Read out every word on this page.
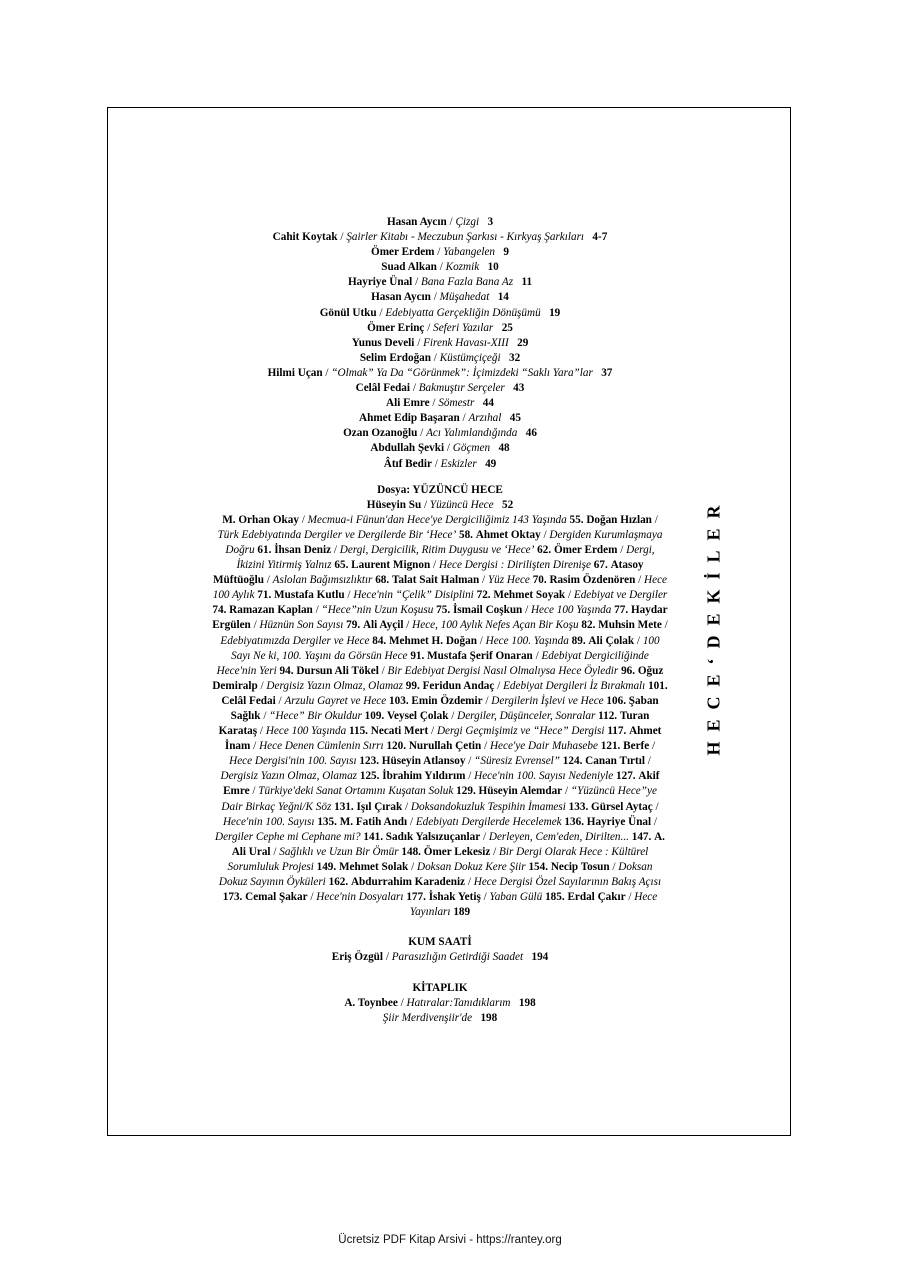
Hasan Aycın / Çizgi 3
Cahit Koytak / Şairler Kitabı - Meczubun Şarkısı - Kırkyaş Şarkıları 4-7
Ömer Erdem / Yabangelen 9
Suad Alkan / Kozmik 10
Hayriye Ünal / Bana Fazla Bana Az 11
Hasan Aycın / Müşahedat 14
Gönül Utku / Edebiyatta Gerçekliğin Dönüşümü 19
Ömer Erinç / Seferi Yazılar 25
Yunus Develi / Firenk Havası-XIII 29
Selim Erdoğan / Küstümçiçeği 32
Hilmi Uçan / “Olmak” Ya Da “Görünmek”: İçimizdeki “Saklı Yara”lar 37
Celâl Fedai / Bakmuştır Serçeler 43
Ali Emre / Sömestr 44
Ahmet Edip Başaran / Arzıhal 45
Ozan Ozanoğlu / Acı Yalımlandığında 46
Abdullah Şevki / Göçmen 48
Âtıf Bedir / Eskizler 49
Dosya: YÜZÜNCÜ HECE
Hüseyin Su / Yüzüncü Hece 52
M. Orhan Okay / Mecmua-i Fünun'dan Hece'ye Dergiciliğimiz 143 Yaşında 55. Doğan Hızlan / Türk Edebiyatında Dergiler ve Dergilerde Bir ‘Hece’ 58. Ahmet Oktay / Dergiden Kurumlaşmaya Doğru 61. İhsan Deniz / Dergi, Dergicilik, Ritim Duygusu ve ‘Hece’ 62. Ömer Erdem / Dergi, İkizini Yitirmiş Yalnız 65. Laurent Mignon / Hece Dergisi : Dirilişten Direnişe 67. Atasoy Müftüoğlu / Aslolan Bağımsızlıktır 68. Talat Sait Halman / Yüz Hece 70. Rasim Özdenören / Hece 100 Aylık 71. Mustafa Kutlu / Hece'nin “Çelik” Disiplini 72. Mehmet Soyak / Edebiyat ve Dergiler 74. Ramazan Kaplan / “Hece”nin Uzun Koşusu 75. İsmail Coşkun / Hece 100 Yaşında 77. Haydar Ergülen / Hüznün Son Sayısı 79. Ali Ayçil / Hece, 100 Aylık Nefes Açan Bir Koşu 82. Muhsin Mete / Edebiyatımızda Dergiler ve Hece 84. Mehmet H. Doğan / Hece 100. Yaşında 89. Ali Çolak / 100 Sayı Ne ki, 100. Yaşını da Görsün Hece 91. Mustafa Şerif Onaran / Edebiyat Dergiciliğinde Hece'nin Yeri 94. Dursun Ali Tökel / Bir Edebiyat Dergisi Nasıl Olmalıysa Hece Öyledir 96. Oğuz Demiralp / Dergisiz Yazın Olmaz, Olamaz 99. Feridun Andaç / Edebiyat Dergileri İz Bırakmalı 101. Celâl Fedai / Arzulu Gayret ve Hece 103. Emin Özdemir / Dergilerin İşlevi ve Hece 106. Şaban Sağlık / “Hece” Bir Okuldur 109. Veysel Çolak / Dergiler, Düşünceler, Sonralar 112. Turan Karataş / Hece 100 Yaşında 115. Necati Mert / Dergi Geçmişimiz ve “Hece” Dergisi 117. Ahmet İnam / Hece Denen Cümlenin Sırrı 120. Nurullah Çetin / Hece'ye Dair Muhasebe 121. Berfe / Hece Dergisi'nin 100. Sayısı 123. Hüseyin Atlansoy / “Süresiz Evrensel” 124. Canan Tırtıl / Dergisiz Yazın Olmaz, Olamaz 125. İbrahim Yıldırım / Hece'nin 100. Sayısı Nedeniyle 127. Akif Emre / Türkiye'deki Sanat Ortamını Kuşatan Soluk 129. Hüseyin Alemdar / “Yüzüncü Hece”ye Dair Birkaç Yeğni/K Söz 131. Işıl Çırak / Doksandokuzluk Tespihin İmamesi 133. Gürsel Aytaç / Hece'nin 100. Sayısı 135. M. Fatih Andı / Edebiyatı Dergilerde Hecelemek 136. Hayriye Ünal / Dergiler Cephe mi Cephane mi? 141. Sadık Yalsızuçanlar / Derleyen, Cem'eden, Dirilten... 147. A. Ali Ural / Sağlıklı ve Uzun Bir Ömür 148. Ömer Lekesiz / Bir Dergi Olarak Hece : Kültürel Sorumluluk Projesi 149. Mehmet Solak / Doksan Dokuz Kere Şiir 154. Necip Tosun / Doksan Dokuz Sayının Öyküleri 162. Abdurrahim Karadeniz / Hece Dergisi Özel Sayılarının Bakış Açısı 173. Cemal Şakar / Hece'nin Dosyaları 177. İshak Yetiş / Yaban Gülü 185. Erdal Çakır / Hece Yayınları 189
KUM SAATİ
Eriş Özgül / Parasızlığın Getirdiği Saadet 194
KİTAPLIK
A. Toynbee / Hatıralar:Tanıdıklarım 198
Şiir Merdivenşiir'de 198
HECE‘DEKİLER
Ücretsiz PDF Kitap Arsivi - https://rantey.org
